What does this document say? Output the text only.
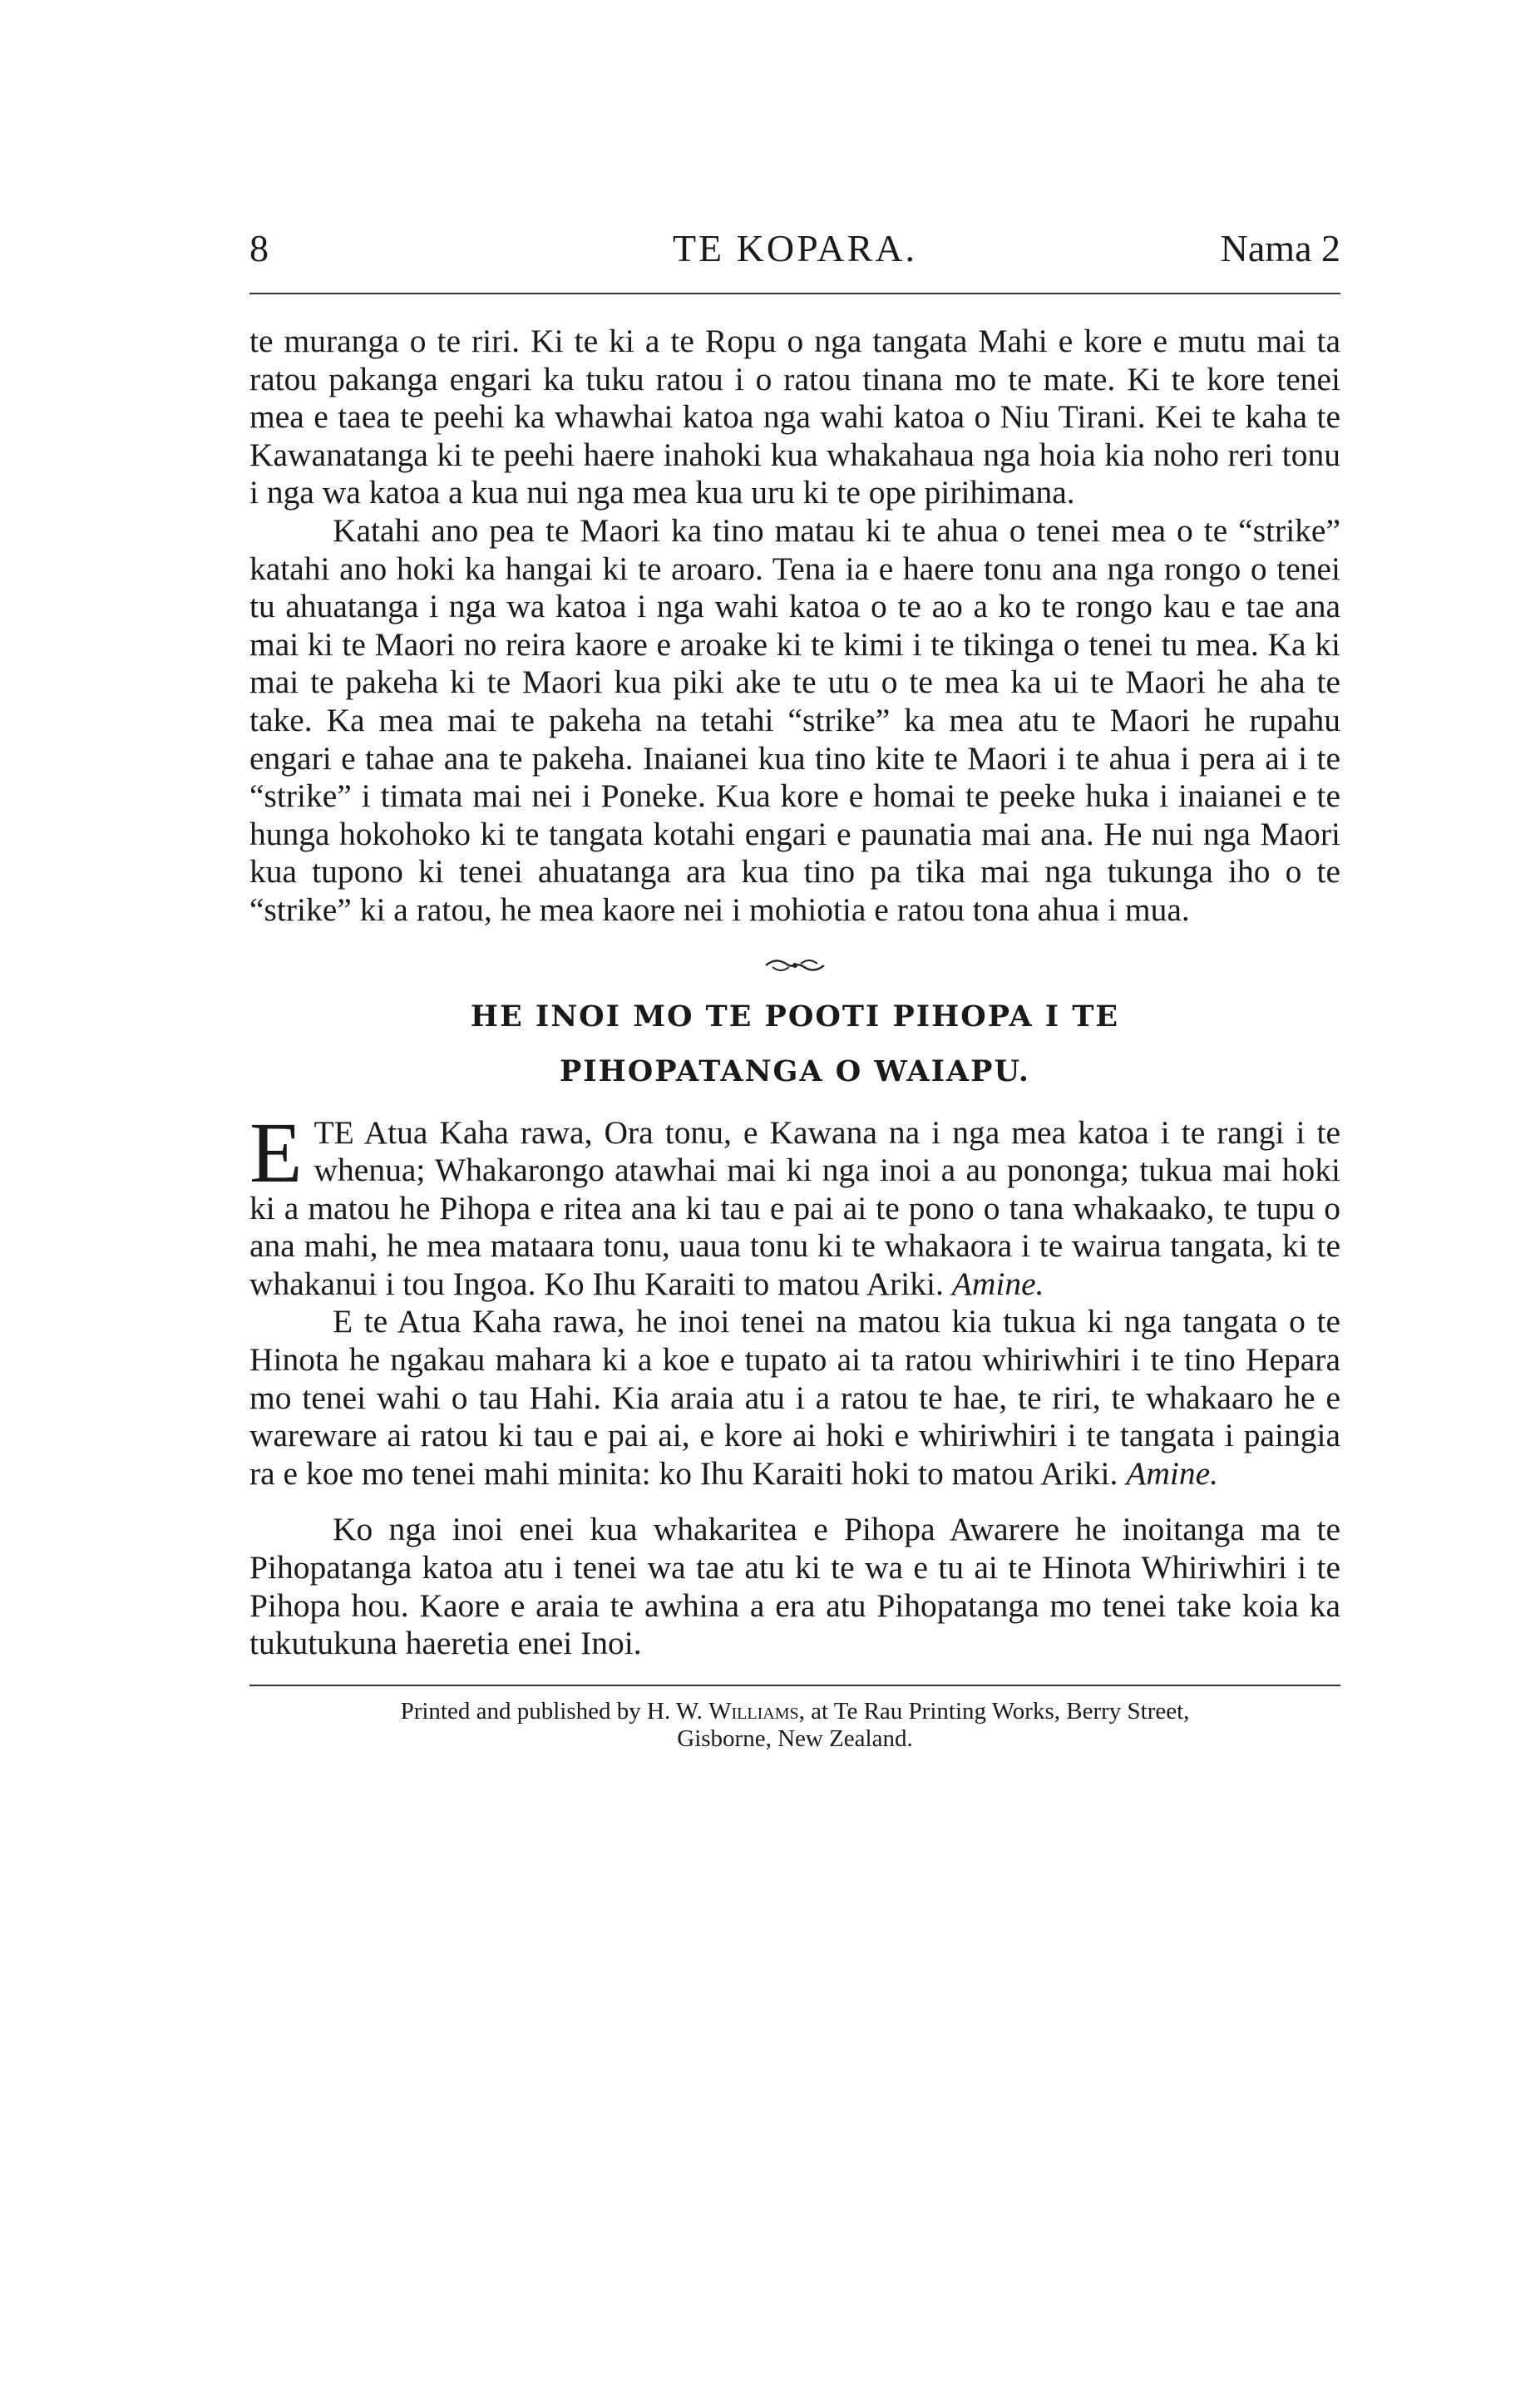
8	TE KOPARA.	Nama 2

te muranga o te riri. Ki te ki a te Ropu o nga tangata Mahi e kore e mutu mai ta ratou pakanga engari ka tuku ratou i o ratou tinana mo te mate. Ki te kore tenei mea e taea te peehi ka whawhai katoa nga wahi katoa o Niu Tirani. Kei te kaha te Kawanatanga ki te peehi haere inahoki kua whakahaua nga hoia kia noho reri tonu i nga wa katoa a kua nui nga mea kua uru ki te ope pirihimana.

Katahi ano pea te Maori ka tino matau ki te ahua o tenei mea o te “strike” katahi ano hoki ka hangai ki te aroaro. Tena ia e haere tonu ana nga rongo o tenei tu ahuatanga i nga wa katoa i nga wahi katoa o te ao a ko te rongo kau e tae ana mai ki te Maori no reira kaore e aroake ki te kimi i te tikinga o tenei tu mea. Ka ki mai te pakeha ki te Maori kua piki ake te utu o te mea ka ui te Maori he aha te take. Ka mea mai te pakeha na tetahi “strike” ka mea atu te Maori he rupahu engari e tahae ana te pakeha. Inaianei kua tino kite te Maori i te ahua i pera ai i te “strike” i timata mai nei i Poneke. Kua kore e homai te peeke huka i inaianei e te hunga hokohoko ki te tangata kotahi engari e paunatia mai ana. He nui nga Maori kua tupono ki tenei ahuatanga ara kua tino pa tika mai nga tukunga iho o te “strike” ki a ratou, he mea kaore nei i mohiotia e ratou tona ahua i mua.

HE INOI MO TE POOTI PIHOPA I TE
PIHOPATANGA O WAIAPU.

ETE Atua Kaha rawa, Ora tonu, e Kawana na i nga mea katoa i te rangi i te whenua; Whakarongo atawhai mai ki nga inoi a au pononga; tukua mai hoki ki a matou he Pihopa e ritea ana ki tau e pai ai te pono o tana whakaako, te tupu o ana mahi, he mea mataara tonu, uaua tonu ki te whakaora i te wairua tangata, ki te whakanui i tou Ingoa. Ko Ihu Karaiti to matou Ariki. Amine.

E te Atua Kaha rawa, he inoi tenei na matou kia tukua ki nga tangata o te Hinota he ngakau mahara ki a koe e tupato ai ta ratou whiriwhiri i te tino Hepara mo tenei wahi o tau Hahi. Kia araia atu i a ratou te hae, te riri, te whakaaro he e wareware ai ratou ki tau e pai ai, e kore ai hoki e whiriwhiri i te tangata i paingia ra e koe mo tenei mahi minita: ko Ihu Karaiti hoki to matou Ariki. Amine.

Ko nga inoi enei kua whakaritea e Pihopa Awarere he inoitanga ma te Pihopatanga katoa atu i tenei wa tae atu ki te wa e tu ai te Hinota Whiriwhiri i te Pihopa hou. Kaore e araia te awhina a era atu Pihopatanga mo tenei take koia ka tukutukuna haeretia enei Inoi.

Printed and published by H. W. Williams, at Te Rau Printing Works, Berry Street,
Gisborne, New Zealand.
